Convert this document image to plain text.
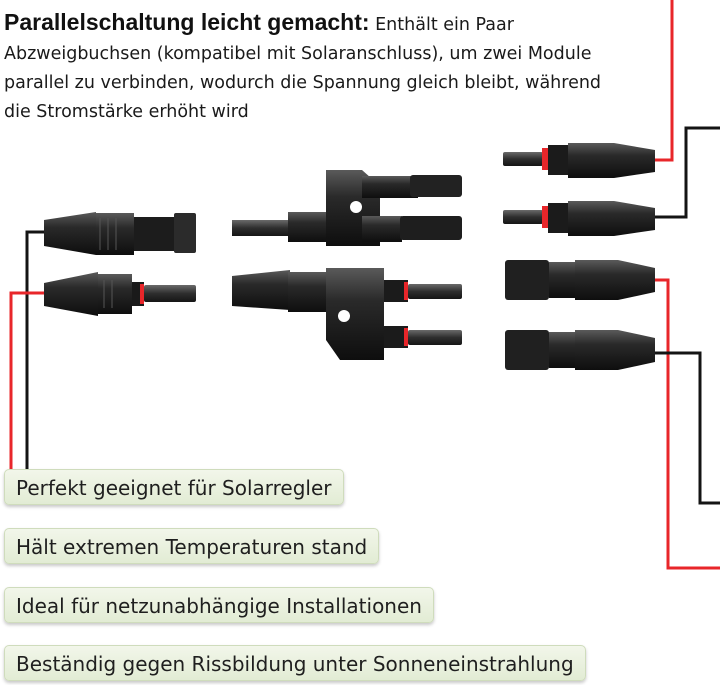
Parallelschaltung leicht gemacht: Enthält ein Paar Abzweigbuchsen (kompatibel mit Solaranschluss), um zwei Module parallel zu verbinden, wodurch die Spannung gleich bleibt, während die Stromstärke erhöht wird
Perfekt geeignet für Solarregler
Hält extremen Temperaturen stand
Ideal für netzunabhängige Installationen
Beständig gegen Rissbildung unter Sonneneinstrahlung
